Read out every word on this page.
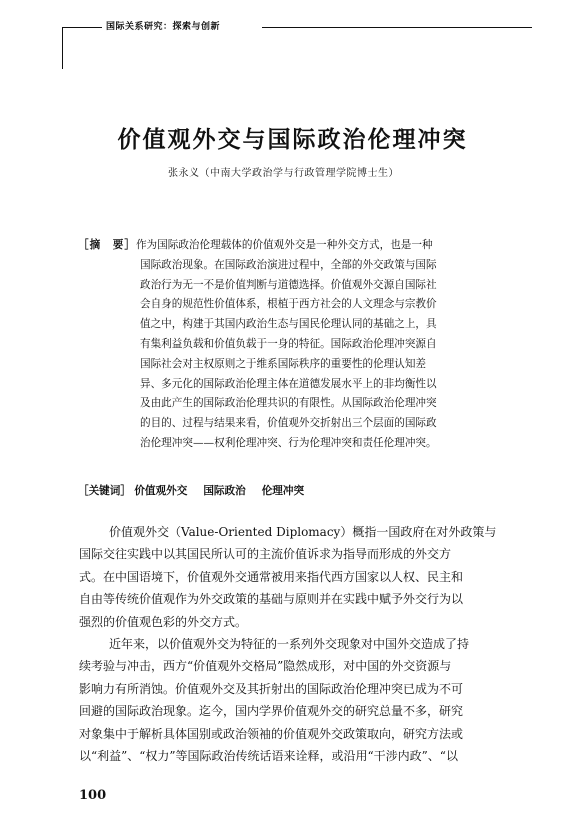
国际关系研究：探索与创新
价值观外交与国际政治伦理冲突
张永义（中南大学政治学与行政管理学院博士生）
［摘　要］作为国际政治伦理载体的价值观外交是一种外交方式，也是一种
国际政治现象。在国际政治演进过程中，全部的外交政策与国际
政治行为无一不是价值判断与道德选择。价值观外交源自国际社
会自身的规范性价值体系，根植于西方社会的人文理念与宗教价
值之中，构建于其国内政治生态与国民伦理认同的基础之上，具
有集利益负载和价值负载于一身的特征。国际政治伦理冲突源自
国际社会对主权原则之于维系国际秩序的重要性的伦理认知差
异、多元化的国际政治伦理主体在道德发展水平上的非均衡性以
及由此产生的国际政治伦理共识的有限性。从国际政治伦理冲突
的目的、过程与结果来看，价值观外交折射出三个层面的国际政
治伦理冲突——权利伦理冲突、行为伦理冲突和责任伦理冲突。
［关键词］ 价值观外交 国际政治 伦理冲突
价值观外交（Value-Oriented Diplomacy）概指一国政府在对外政策与
国际交往实践中以其国民所认可的主流价值诉求为指导而形成的外交方
式。在中国语境下，价值观外交通常被用来指代西方国家以人权、民主和
自由等传统价值观作为外交政策的基础与原则并在实践中赋予外交行为以
强烈的价值观色彩的外交方式。
近年来，以价值观外交为特征的一系列外交现象对中国外交造成了持
续考验与冲击，西方“价值观外交格局”隐然成形，对中国的外交资源与
影响力有所消蚀。价值观外交及其折射出的国际政治伦理冲突已成为不可
回避的国际政治现象。迄今，国内学界价值观外交的研究总量不多，研究
对象集中于解析具体国别或政治领袖的价值观外交政策取向，研究方法或
以“利益”、“权力”等国际政治传统话语来诠释，或沿用“干涉内政”、“以
100
